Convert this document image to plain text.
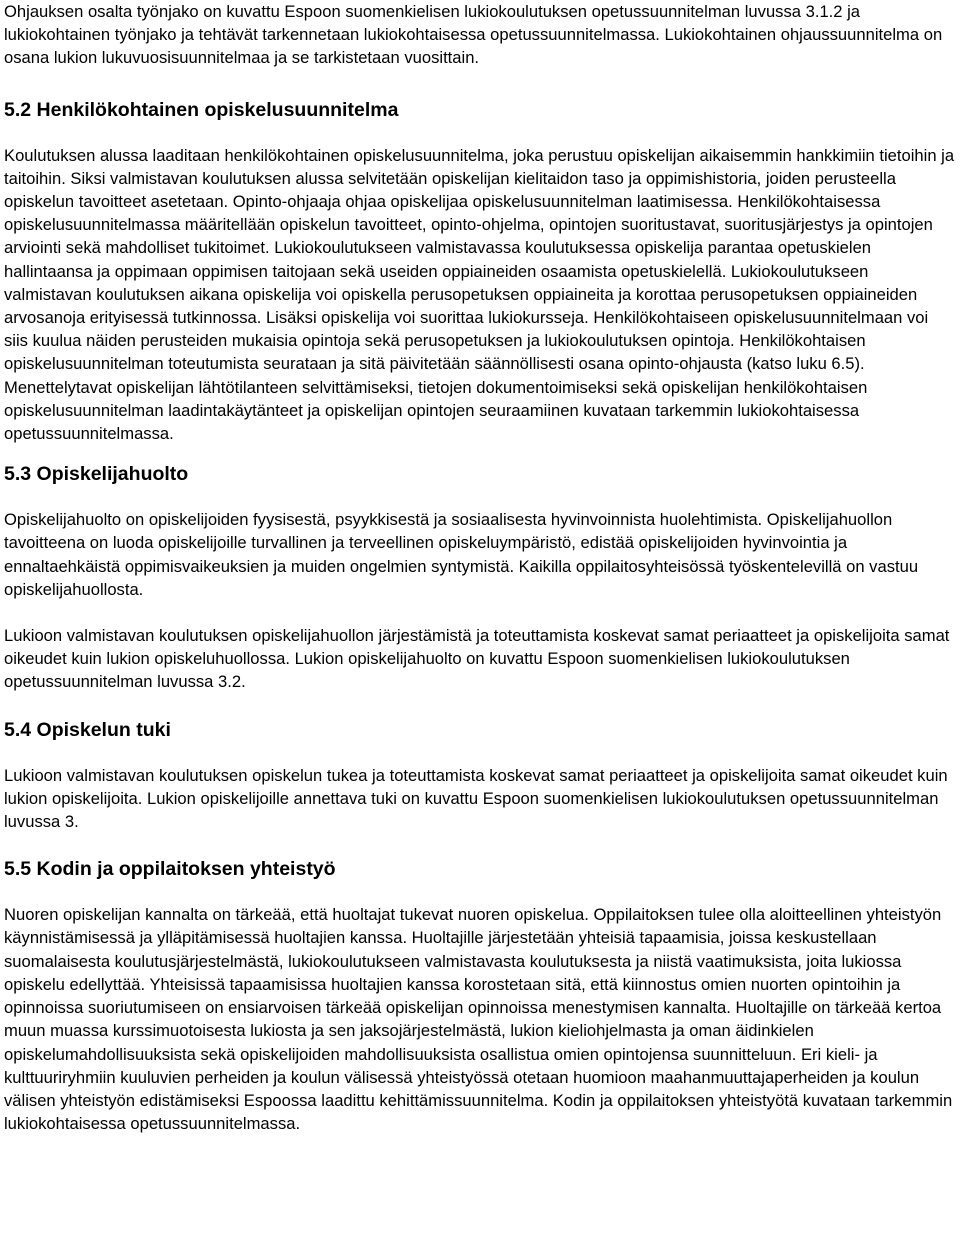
Ohjauksen osalta työnjako on kuvattu Espoon suomenkielisen lukiokoulutuksen opetussuunnitelman luvussa 3.1.2 ja lukiokohtainen työnjako ja tehtävät tarkennetaan lukiokohtaisessa opetussuunnitelmassa. Lukiokohtainen ohjaussuunnitelma on osana lukion lukuvuosisuunnitelmaa ja se tarkistetaan vuosittain.

5.2 Henkilökohtainen opiskelusuunnitelma

Koulutuksen alussa laaditaan henkilökohtainen opiskelusuunnitelma, joka perustuu opiskelijan aikaisemmin hankkimiin tietoihin ja taitoihin. Siksi valmistavan koulutuksen alussa selvitetään opiskelijan kielitaidon taso ja oppimishistoria, joiden perusteella opiskelun tavoitteet asetetaan. Opinto-ohjaaja ohjaa opiskelijaa opiskelusuunnitelman laatimisessa. Henkilökohtaisessa opiskelusuunnitelmassa määritellään opiskelun tavoitteet, opinto-ohjelma, opintojen suoritustavat, suoritusjärjestys ja opintojen arviointi sekä mahdolliset tukitoimet. Lukiokoulutukseen valmistavassa koulutuksessa opiskelija parantaa opetuskielen hallintaansa ja oppimaan oppimisen taitojaan sekä useiden oppiaineiden osaamista opetuskielellä. Lukiokoulutukseen valmistavan koulutuksen aikana opiskelija voi opiskella perusopetuksen oppiaineita ja korottaa perusopetuksen oppiaineiden arvosanoja erityisessä tutkinnossa. Lisäksi opiskelija voi suorittaa lukiokursseja. Henkilökohtaiseen opiskelusuunnitelmaan voi siis kuulua näiden perusteiden mukaisia opintoja sekä perusopetuksen ja lukiokoulutuksen opintoja. Henkilökohtaisen opiskelusuunnitelman toteutumista seurataan ja sitä päivitetään säännöllisesti osana opinto-ohjausta (katso luku 6.5). Menettelytavat opiskelijan lähtötilanteen selvittämiseksi, tietojen dokumentoimiseksi sekä opiskelijan henkilökohtaisen opiskelusuunnitelman laadintakäytänteet ja opiskelijan opintojen seuraamiinen kuvataan tarkemmin lukiokohtaisessa opetussuunnitelmassa.

5.3 Opiskelijahuolto

Opiskelijahuolto on opiskelijoiden fyysisestä, psyykkisestä ja sosiaalisesta hyvinvoinnista huolehtimista. Opiskelijahuollon tavoitteena on luoda opiskelijoille turvallinen ja terveellinen opiskeluympäristö, edistää opiskelijoiden hyvinvointia ja ennaltaehkäistä oppimisvaikeuksien ja muiden ongelmien syntymistä. Kaikilla oppilaitosyhteisössä työskentelevillä on vastuu opiskelijahuollosta.

Lukioon valmistavan koulutuksen opiskelijahuollon järjestämistä ja toteuttamista koskevat samat periaatteet ja opiskelijoita samat oikeudet kuin lukion opiskeluhuollossa. Lukion opiskelijahuolto on kuvattu Espoon suomenkielisen lukiokoulutuksen opetussuunnitelman luvussa 3.2.

5.4 Opiskelun tuki

Lukioon valmistavan koulutuksen opiskelun tukea ja toteuttamista koskevat samat periaatteet ja opiskelijoita samat oikeudet kuin lukion opiskelijoita. Lukion opiskelijoille annettava tuki on kuvattu Espoon suomenkielisen lukiokoulutuksen opetussuunnitelman luvussa 3.

5.5 Kodin ja oppilaitoksen yhteistyö

Nuoren opiskelijan kannalta on tärkeää, että huoltajat tukevat nuoren opiskelua. Oppilaitoksen tulee olla aloitteellinen yhteistyön käynnistämisessä ja ylläpitämisessä huoltajien kanssa. Huoltajille järjestetään yhteisiä tapaamisia, joissa keskustellaan suomalaisesta koulutusjärjestelmästä, lukiokoulutukseen valmistavasta koulutuksesta ja niistä vaatimuksista, joita lukiossa opiskelu edellyttää. Yhteisissä tapaamisissa huoltajien kanssa korostetaan sitä, että kiinnostus omien nuorten opintoihin ja opinnoissa suoriutumiseen on ensiarvoisen tärkeää opiskelijan opinnoissa menestymisen kannalta. Huoltajille on tärkeää kertoa muun muassa kurssimuotoisesta lukiosta ja sen jaksojärjestelmästä, lukion kieliohjelmasta ja oman äidinkielen opiskelumahdollisuuksista sekä opiskelijoiden mahdollisuuksista osallistua omien opintojensa suunnitteluun. Eri kieli- ja kulttuuriryhmiin kuuluvien perheiden ja koulun välisessä yhteistyössä otetaan huomioon maahanmuuttajaperheiden ja koulun välisen yhteistyön edistämiseksi Espoossa laadittu kehittämissuunnitelma. Kodin ja oppilaitoksen yhteistyötä kuvataan tarkemmin lukiokohtaisessa opetussuunnitelmassa.
